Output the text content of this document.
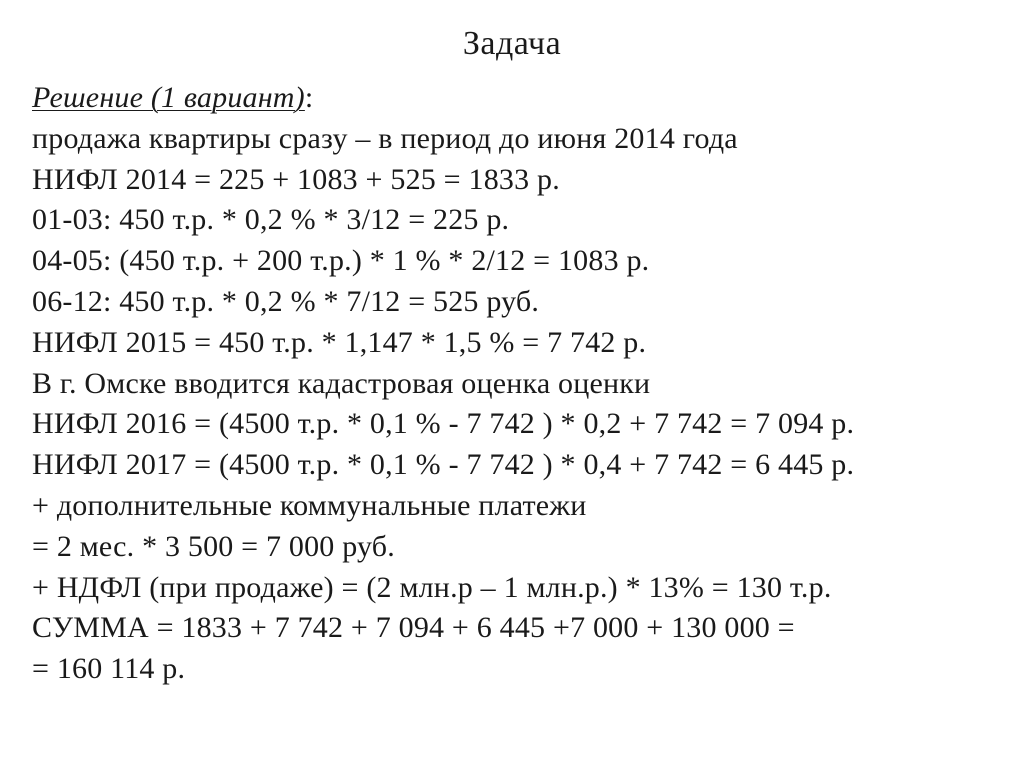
Задача
Решение (1 вариант):
продажа квартиры сразу – в период до июня 2014 года
НИФЛ 2014 = 225 + 1083 + 525 = 1833 р.
01-03: 450 т.р. * 0,2 % * 3/12 = 225 р.
04-05: (450 т.р. + 200 т.р.) * 1 % * 2/12 = 1083 р.
06-12: 450 т.р. * 0,2 % * 7/12 = 525 руб.
НИФЛ 2015 = 450 т.р. * 1,147 * 1,5 % = 7 742 р.
В г. Омске вводится кадастровая оценка оценки
НИФЛ 2016 = (4500 т.р. * 0,1 % - 7 742 ) * 0,2 + 7 742 = 7 094 р.
НИФЛ 2017 = (4500 т.р. * 0,1 % - 7 742 ) * 0,4 + 7 742 = 6 445 р.
+ дополнительные коммунальные платежи
= 2 мес. * 3 500 = 7 000 руб.
+ НДФЛ (при продаже) = (2 млн.р – 1 млн.р.) * 13% = 130 т.р.
СУММА = 1833 + 7 742 + 7 094 + 6 445 +7 000 + 130 000 =
= 160 114 р.
